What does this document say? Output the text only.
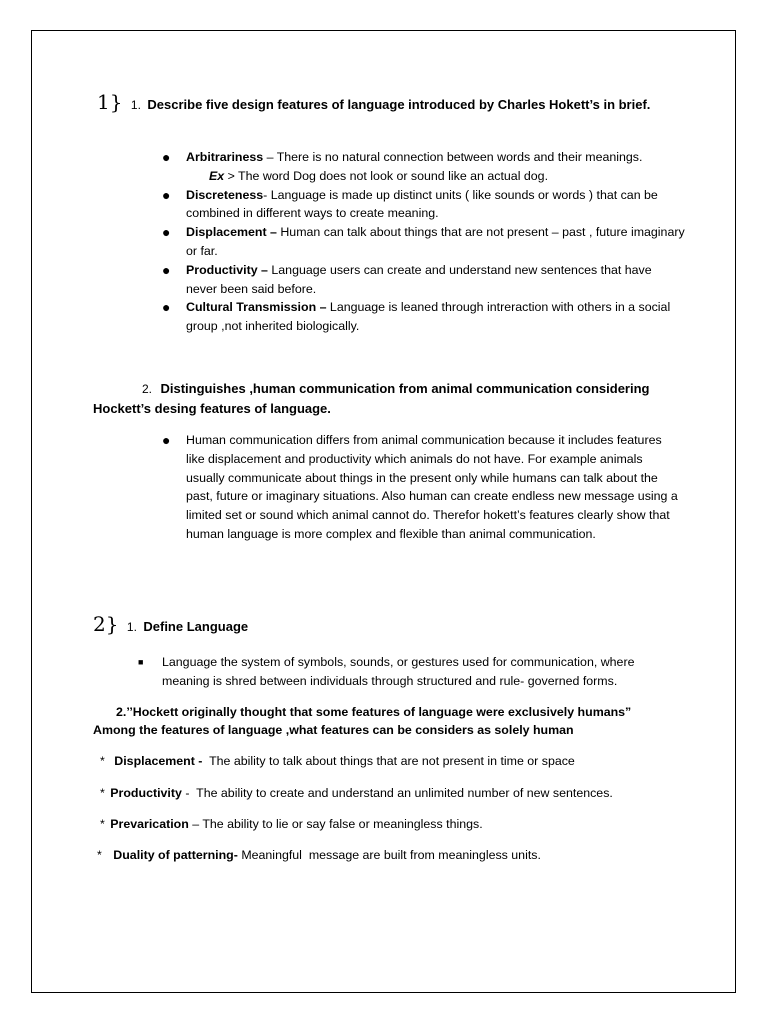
1} 1. Describe five design features of language introduced by Charles Hokett’s in brief.
● Arbitrariness – There is no natural connection between words and their meanings.
Ex > The word Dog does not look or sound like an actual dog.
● Discreteness- Language is made up distinct units ( like sounds or words ) that can be combined in different ways to create meaning.
● Displacement – Human can talk about things that are not present – past , future imaginary or far.
● Productivity – Language users can create and understand new sentences that have never been said before.
● Cultural Transmission – Language is leaned through intreraction with others in a social group ,not inherited biologically.
2. Distinguishes ,human communication from animal communication considering
Hockett’s desing features of language.
● Human communication differs from animal communication because it includes features like displacement and productivity which animals do not have. For example animals usually communicate about things in the present only while humans can talk about the past, future or imaginary situations. Also human can create endless new message using a limited set or sound which animal cannot do. Therefor hokett’s features clearly show that human language is more complex and flexible than animal communication.
2} 1. Define Language
■ Language the system of symbols, sounds, or gestures used for communication, where meaning is shred between individuals through structured and rule- governed forms.
2.’’Hockett originally thought that some features of language were exclusively humans”
Among the features of language ,what features can be considers as solely human
* Displacement -  The ability to talk about things that are not present in time or space
* Productivity -  The ability to create and understand an unlimited number of new sentences.
* Prevarication – The ability to lie or say false or meaningless things.
* Duality of patterning- Meaningful  message are built from meaningless units.
